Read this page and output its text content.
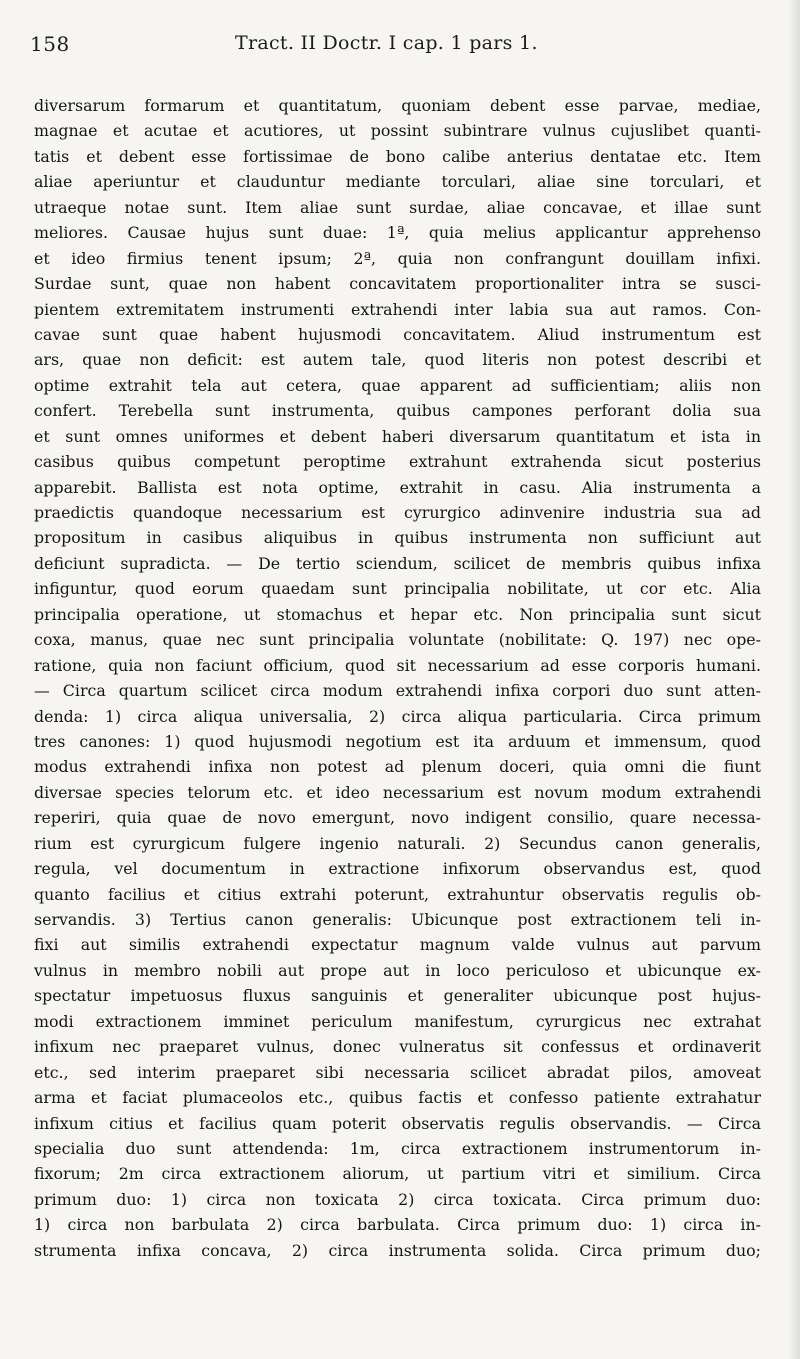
158	Tract. II Doctr. I cap. 1 pars 1.
diversarum formarum et quantitatum, quoniam debent esse parvae, mediae,
magnae et acutae et acutiores, ut possint subintrare vulnus cujuslibet quanti-
tatis et debent esse fortissimae de bono calibe anterius dentatae etc. Item
aliae aperiuntur et clauduntur mediante torculari, aliae sine torculari, et
utraeque notae sunt. Item aliae sunt surdae, aliae concavae, et illae sunt
meliores. Causae hujus sunt duae: 1ª, quia melius applicantur apprehenso
et ideo firmius tenent ipsum; 2ª, quia non confrangunt douillam infixi.
Surdae sunt, quae non habent concavitatem proportionaliter intra se susci-
pientem extremitatem instrumenti extrahendi inter labia sua aut ramos. Con-
cavae sunt quae habent hujusmodi concavitatem. Aliud instrumentum est
ars, quae non deficit: est autem tale, quod literis non potest describi et
optime extrahit tela aut cetera, quae apparent ad sufficientiam; aliis non
confert. Terebella sunt instrumenta, quibus campones perforant dolia sua
et sunt omnes uniformes et debent haberi diversarum quantitatum et ista in
casibus quibus competunt peroptime extrahunt extrahenda sicut posterius
apparebit. Ballista est nota optime, extrahit in casu. Alia instrumenta a
praedictis quandoque necessarium est cyrurgico adinvenire industria sua ad
propositum in casibus aliquibus in quibus instrumenta non sufficiunt aut
deficiunt supradicta. — De tertio sciendum, scilicet de membris quibus infixa
infiguntur, quod eorum quaedam sunt principalia nobilitate, ut cor etc. Alia
principalia operatione, ut stomachus et hepar etc. Non principalia sunt sicut
coxa, manus, quae nec sunt principalia voluntate (nobilitate: Q. 197) nec ope-
ratione, quia non faciunt officium, quod sit necessarium ad esse corporis humani.
— Circa quartum scilicet circa modum extrahendi infixa corpori duo sunt atten-
denda: 1) circa aliqua universalia, 2) circa aliqua particularia. Circa primum
tres canones: 1) quod hujusmodi negotium est ita arduum et immensum, quod
modus extrahendi infixa non potest ad plenum doceri, quia omni die fiunt
diversae species telorum etc. et ideo necessarium est novum modum extrahendi
reperiri, quia quae de novo emergunt, novo indigent consilio, quare necessa-
rium est cyrurgicum fulgere ingenio naturali. 2) Secundus canon generalis,
regula, vel documentum in extractione infixorum observandus est, quod
quanto facilius et citius extrahi poterunt, extrahuntur observatis regulis ob-
servandis. 3) Tertius canon generalis: Ubicunque post extractionem teli in-
fixi aut similis extrahendi expectatur magnum valde vulnus aut parvum
vulnus in membro nobili aut prope aut in loco periculoso et ubicunque ex-
spectatur impetuosus fluxus sanguinis et generaliter ubicunque post hujus-
modi extractionem imminet periculum manifestum, cyrurgicus nec extrahat
infixum nec praeparet vulnus, donec vulneratus sit confessus et ordinaverit
etc., sed interim praeparet sibi necessaria scilicet abradat pilos, amoveat
arma et faciat plumaceolos etc., quibus factis et confesso patiente extrahatur
infixum citius et facilius quam poterit observatis regulis observandis. — Circa
specialia duo sunt attendenda: 1m, circa extractionem instrumentorum in-
fixorum; 2m circa extractionem aliorum, ut partium vitri et similium. Circa
primum duo: 1) circa non toxicata 2) circa toxicata. Circa primum duo:
1) circa non barbulata 2) circa barbulata. Circa primum duo: 1) circa in-
strumenta infixa concava, 2) circa instrumenta solida. Circa primum duo;
